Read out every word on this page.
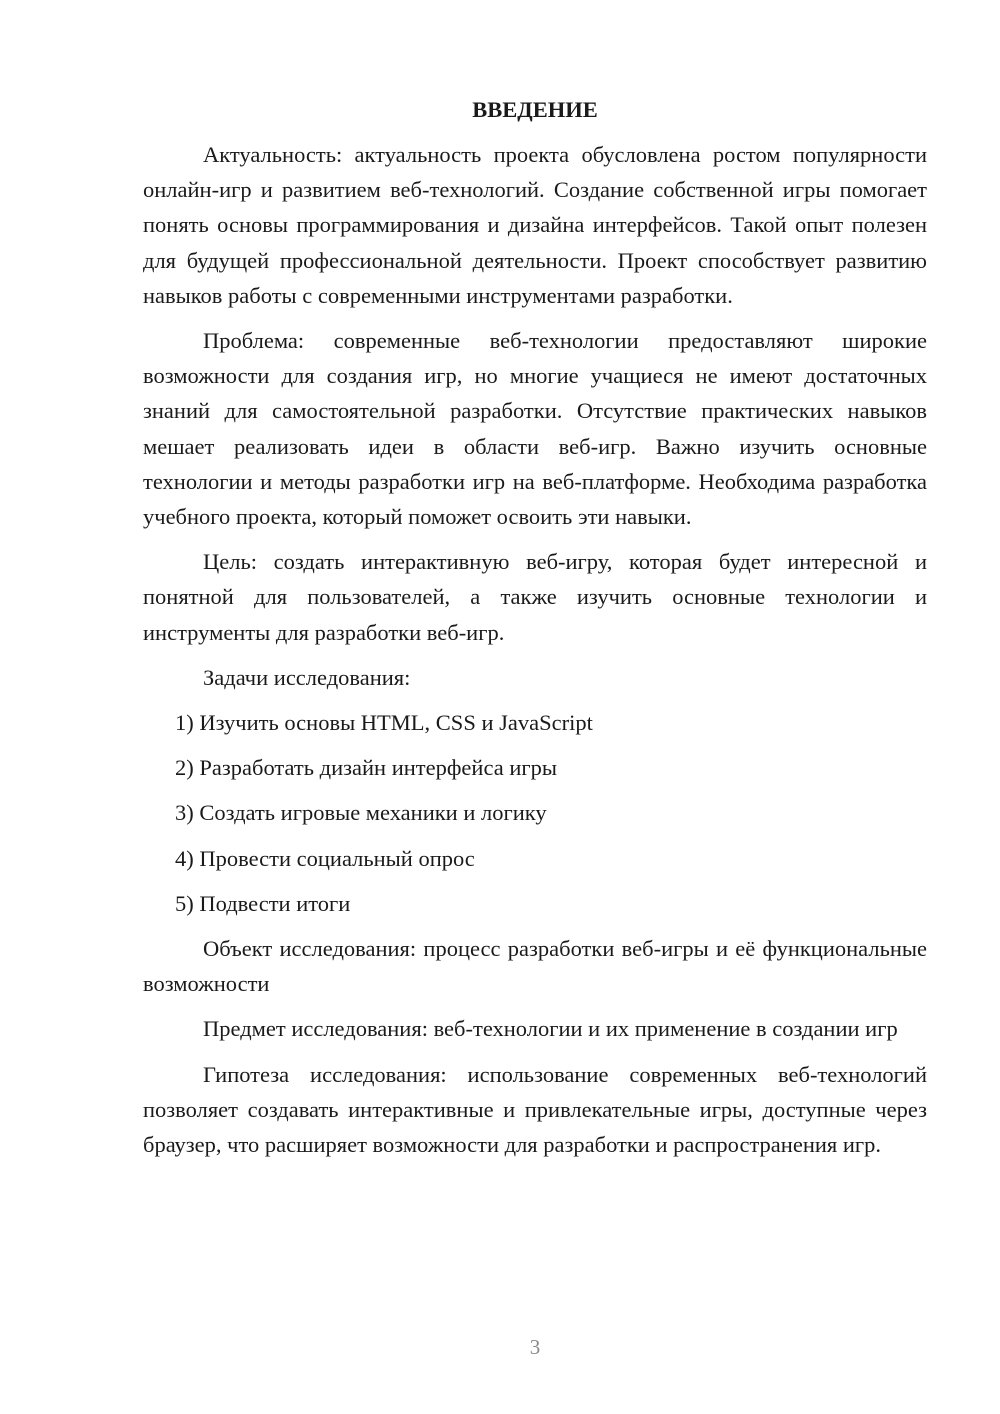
ВВЕДЕНИЕ

Актуальность: актуальность проекта обусловлена ростом популярности онлайн-игр и развитием веб-технологий. Создание собственной игры помогает понять основы программирования и дизайна интерфейсов. Такой опыт полезен для будущей профессиональной деятельности. Проект способствует развитию навыков работы с современными инструментами разработки.

Проблема: современные веб-технологии предоставляют широкие возможности для создания игр, но многие учащиеся не имеют достаточных знаний для самостоятельной разработки. Отсутствие практических навыков мешает реализовать идеи в области веб-игр. Важно изучить основные технологии и методы разработки игр на веб-платформе. Необходима разработка учебного проекта, который поможет освоить эти навыки.

Цель: создать интерактивную веб-игру, которая будет интересной и понятной для пользователей, а также изучить основные технологии и инструменты для разработки веб-игр.

Задачи исследования:

1) Изучить основы HTML, CSS и JavaScript
2) Разработать дизайн интерфейса игры
3) Создать игровые механики и логику
4) Провести социальный опрос
5) Подвести итоги

Объект исследования: процесс разработки веб-игры и её функциональные возможности

Предмет исследования: веб-технологии и их применение в создании игр

Гипотеза исследования: использование современных веб-технологий позволяет создавать интерактивные и привлекательные игры, доступные через браузер, что расширяет возможности для разработки и распространения игр.

3
